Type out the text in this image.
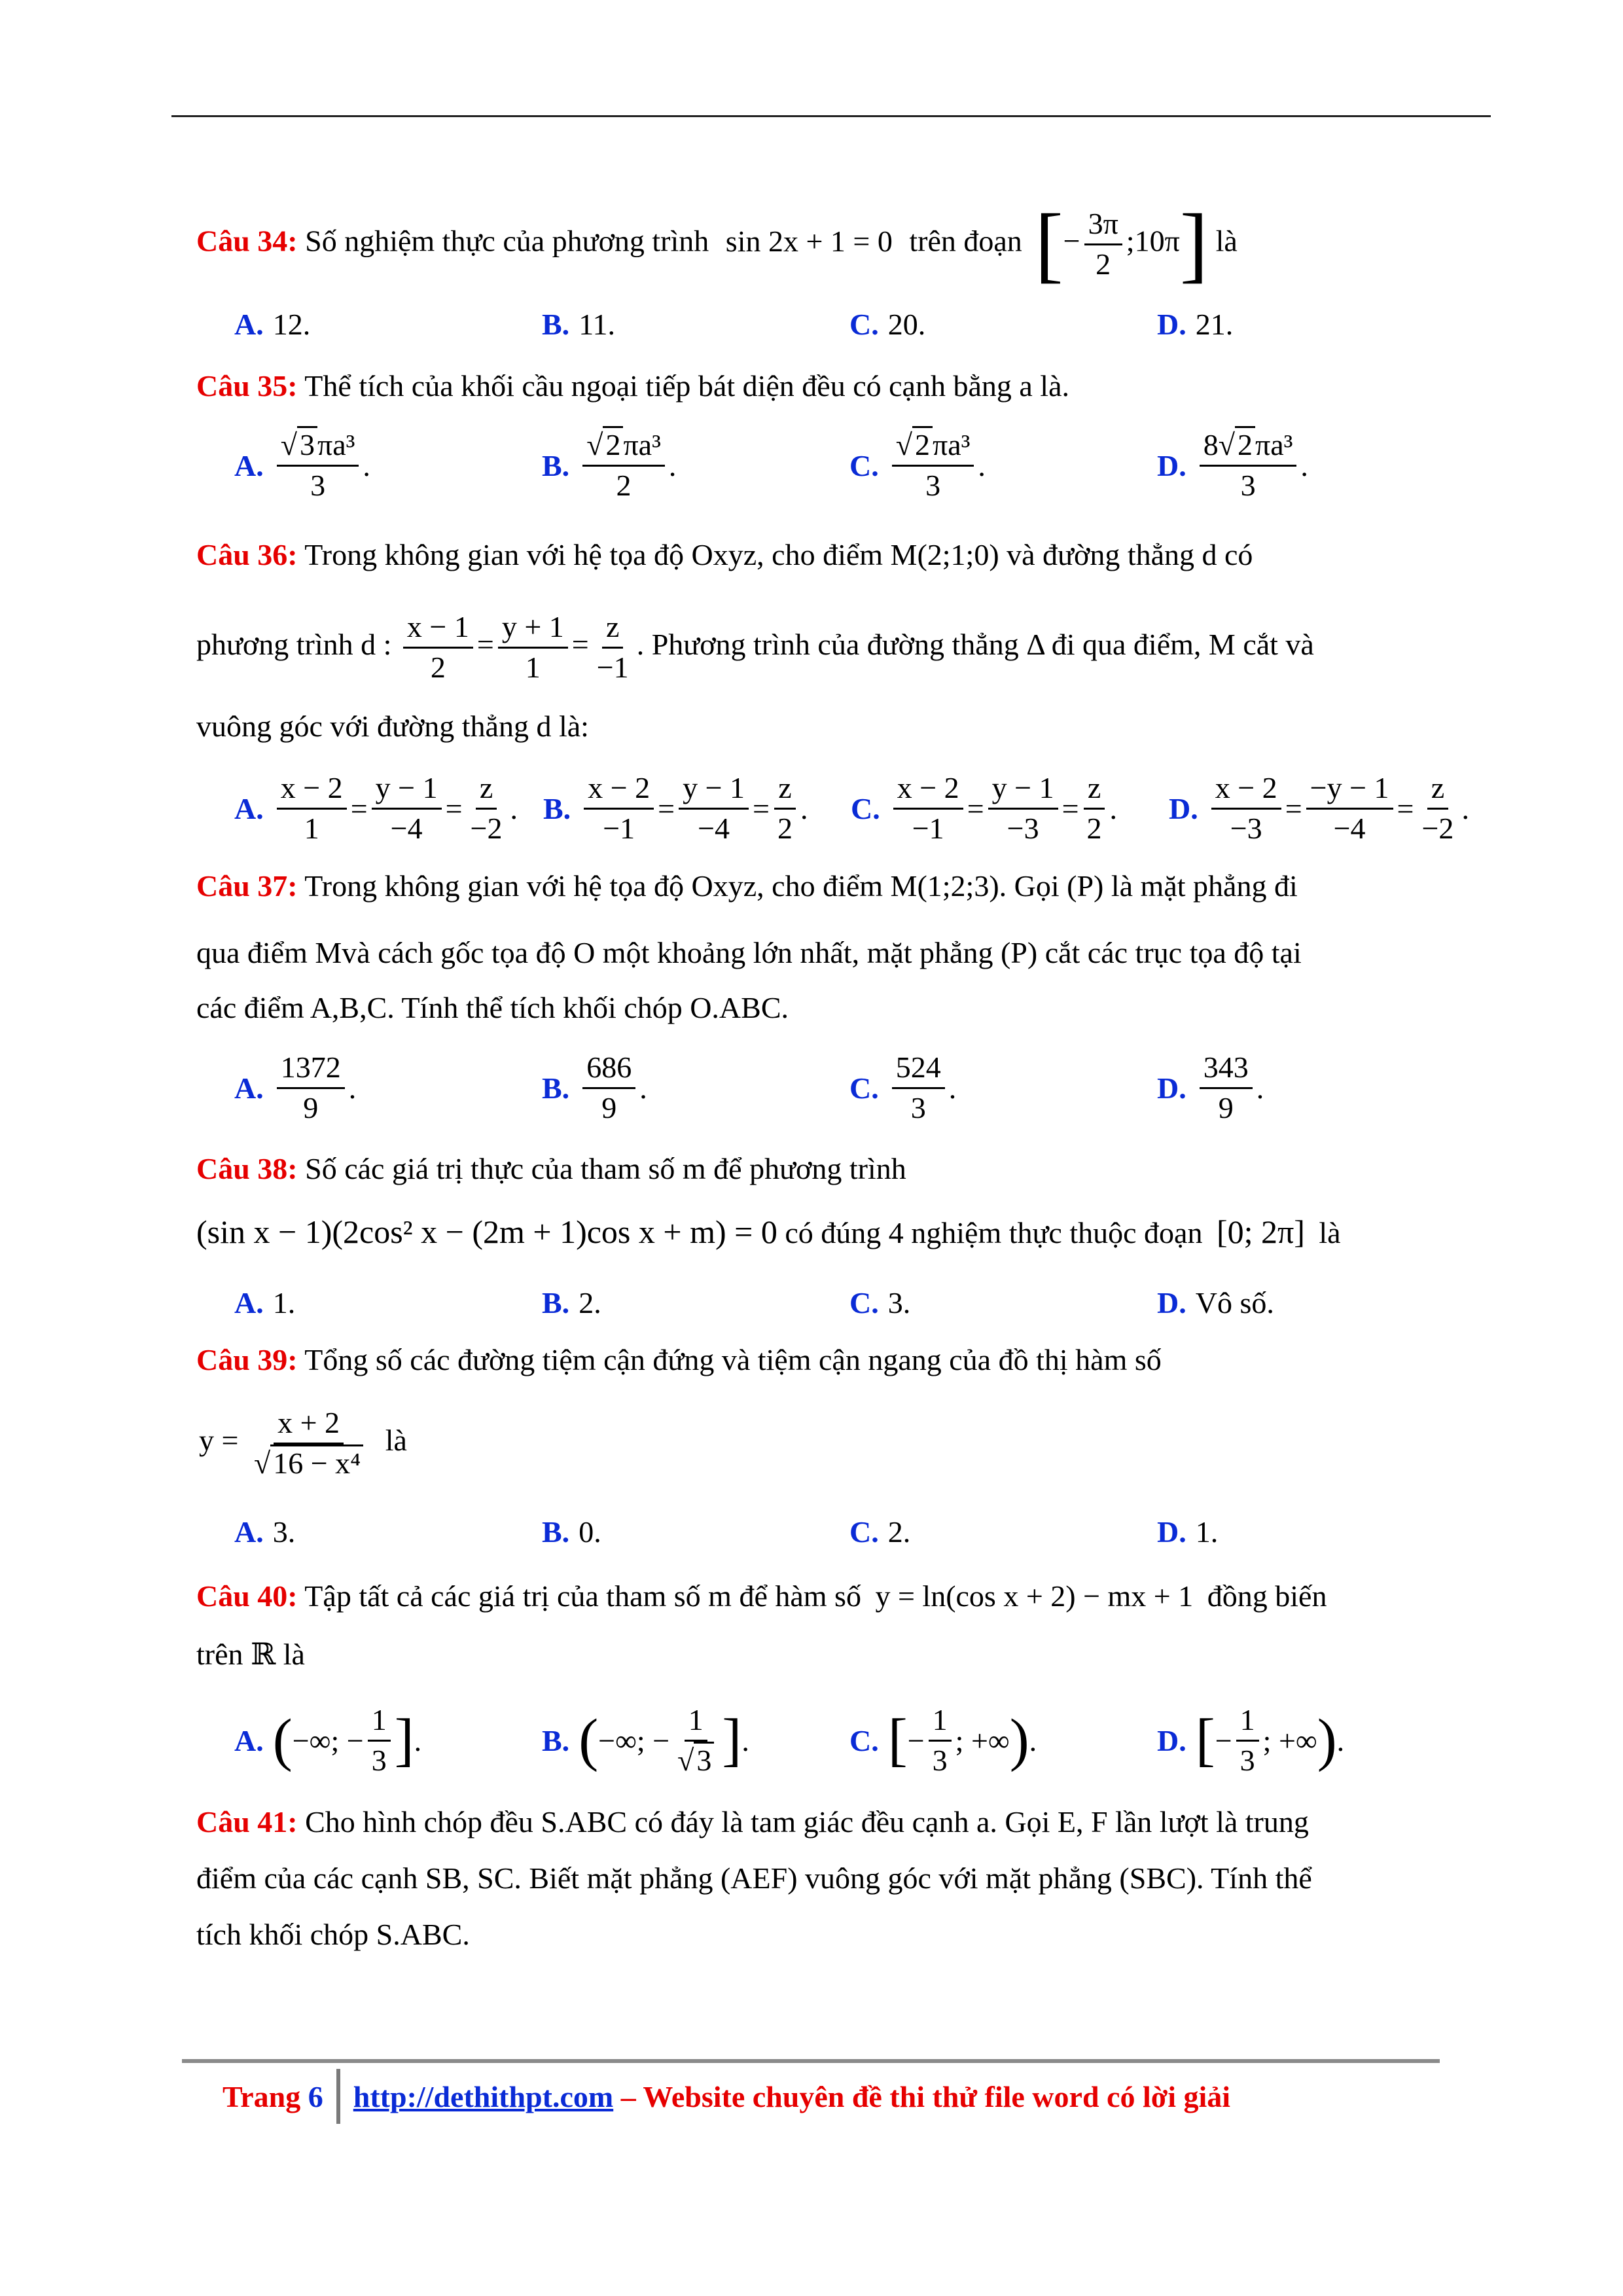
Câu 34: Số nghiệm thực của phương trình sin 2x + 1 = 0 trên đoạn [− $\frac{3\pi}{2}$ ;10π] là
A. 12.	B. 11.	C. 20.	D. 21.
Câu 35: Thể tích của khối cầu ngoại tiếp bát diện đều có cạnh bằng a là.
A. $\frac{\text{√3πa³}}{3}$ .	B. $\frac{\text{√2πa³}}{2}$ .	C. $\frac{\text{√2πa³}}{3}$ .	D. $\frac{\text{8√2πa³}}{3}$ .
Câu 36: Trong không gian với hệ tọa độ Oxyz, cho điểm M(2;1;0) và đường thẳng d có
phương trình d : $\frac{x - 1}{2} = \frac{y + 1}{1} = \frac{z}{-1}$ . Phương trình của đường thẳng Δ đi qua điểm, M cắt và
vuông góc với đường thẳng d là:
A. $\frac{x - 2}{1} = \frac{y - 1}{-4} = \frac{z}{-2}$ . B. $\frac{x - 2}{-1} = \frac{y - 1}{-4} = \frac{z}{2}$ . C. $\frac{x - 2}{-1} = \frac{y - 1}{-3} = \frac{z}{2}$ . D. $\frac{x - 2}{-3} = \frac{-y - 1}{-4} = \frac{z}{-2}$ .
Câu 37: Trong không gian với hệ tọa độ Oxyz, cho điểm M(1;2;3). Gọi (P) là mặt phẳng đi
qua điểm Mvà cách gốc tọa độ O một khoảng lớn nhất, mặt phẳng (P) cắt các trục tọa độ tại
các điểm A,B,C. Tính thể tích khối chóp O.ABC.
A. $\frac{1372}{9}$ .	B. $\frac{686}{9}$ .	C. $\frac{524}{3}$ .	D. $\frac{343}{9}$ .
Câu 38: Số các giá trị thực của tham số m để phương trình
(sin x − 1)(2cos² x − (2m + 1)cos x + m) = 0 có đúng 4 nghiệm thực thuộc đoạn [0; 2π] là
A. 1.	B. 2.	C. 3.	D. Vô số.
Câu 39: Tổng số các đường tiệm cận đứng và tiệm cận ngang của đồ thị hàm số
$y = \frac{x + 2}{\text{√16 − x⁴}}$ là
A. 3.	B. 0.	C. 2.	D. 1.
Câu 40: Tập tất cả các giá trị của tham số m để hàm số y = ln(cos x + 2) − mx + 1 đồng biến
trên ℝ là
A. ( −∞; − $\frac{1}{3}$ ] .	B. ( −∞; − $\frac{1}{√3}$ ] .	C. [ − $\frac{1}{3}$ ; +∞ ) .	D. [ − $\frac{1}{3}$ ; +∞ ) .
Câu 41: Cho hình chóp đều S.ABC có đáy là tam giác đều cạnh a. Gọi E, F lần lượt là trung
điểm của các cạnh SB, SC. Biết mặt phẳng (AEF) vuông góc với mặt phẳng (SBC). Tính thể
tích khối chóp S.ABC.
Trang
6 http://dethithpt.com
– Website chuyên đề thi thử file word có lời giải
